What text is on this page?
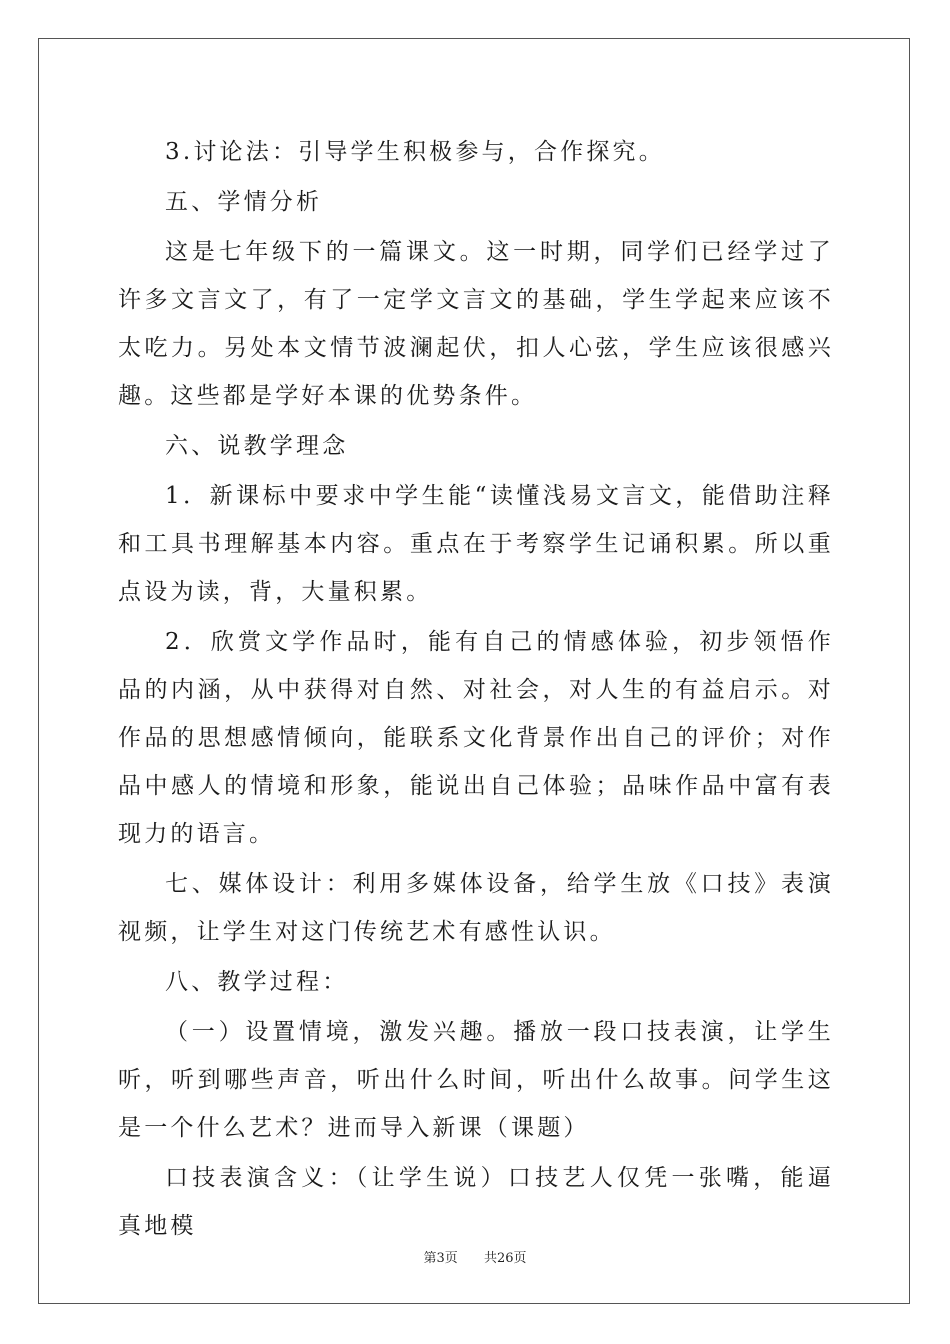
3.讨论法：引导学生积极参与，合作探究。

五、学情分析

这是七年级下的一篇课文。这一时期，同学们已经学过了许多文言文了，有了一定学文言文的基础，学生学起来应该不太吃力。另处本文情节波澜起伏，扣人心弦，学生应该很感兴趣。这些都是学好本课的优势条件。

六、说教学理念

1．新课标中要求中学生能“读懂浅易文言文，能借助注释和工具书理解基本内容。重点在于考察学生记诵积累。所以重点设为读，背，大量积累。

2．欣赏文学作品时，能有自己的情感体验，初步领悟作品的内涵，从中获得对自然、对社会，对人生的有益启示。对作品的思想感情倾向，能联系文化背景作出自己的评价；对作品中感人的情境和形象，能说出自己体验；品味作品中富有表现力的语言。

七、媒体设计：利用多媒体设备，给学生放《口技》表演视频，让学生对这门传统艺术有感性认识。

八、教学过程：

（一）设置情境，激发兴趣。播放一段口技表演，让学生听，听到哪些声音，听出什么时间，听出什么故事。问学生这是一个什么艺术？进而导入新课（课题）

口技表演含义：（让学生说）口技艺人仅凭一张嘴，能逼真地模

第3页 共26页
